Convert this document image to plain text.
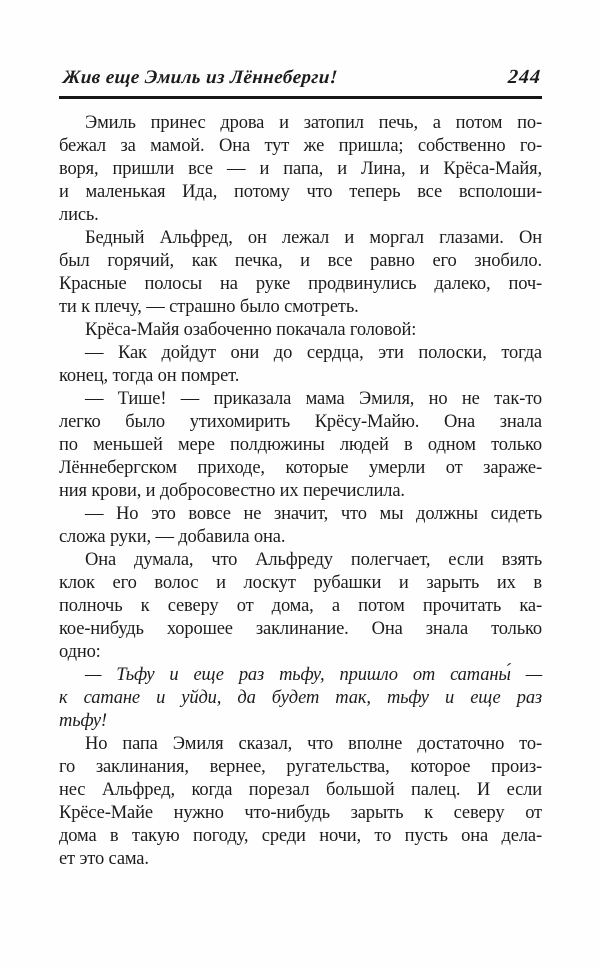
Жив еще Эмиль из Лённеберги!	244
Эмиль принес дрова и затопил печь, а потом по-
бежал за мамой. Она тут же пришла; собственно го-
воря, пришли все — и папа, и Лина, и Крёса-Майя,
и маленькая Ида, потому что теперь все всполоши-
лись.
Бедный Альфред, он лежал и моргал глазами. Он
был горячий, как печка, и все равно его знобило.
Красные полосы на руке продвинулись далеко, поч-
ти к плечу, — страшно было смотреть.
Крёса-Майя озабоченно покачала головой:
— Как дойдут они до сердца, эти полоски, тогда
конец, тогда он помрет.
— Тише! — приказала мама Эмиля, но не так-то
легко было утихомирить Крёсу-Майю. Она знала
по меньшей мере полдюжины людей в одном только
Лённебергском приходе, которые умерли от зараже-
ния крови, и добросовестно их перечислила.
— Но это вовсе не значит, что мы должны сидеть
сложа руки, — добавила она.
Она думала, что Альфреду полегчает, если взять
клок его волос и лоскут рубашки и зарыть их в
полночь к северу от дома, а потом прочитать ка-
кое-нибудь хорошее заклинание. Она знала только
одно:
— Тьфу и еще раз тьфу, пришло от сатаны́ —
к сатане и уйди, да будет так, тьфу и еще раз
тьфу!
Но папа Эмиля сказал, что вполне достаточно то-
го заклинания, вернее, ругательства, которое произ-
нес Альфред, когда порезал большой палец. И если
Крёсе-Майе нужно что-нибудь зарыть к северу от
дома в такую погоду, среди ночи, то пусть она дела-
ет это сама.
